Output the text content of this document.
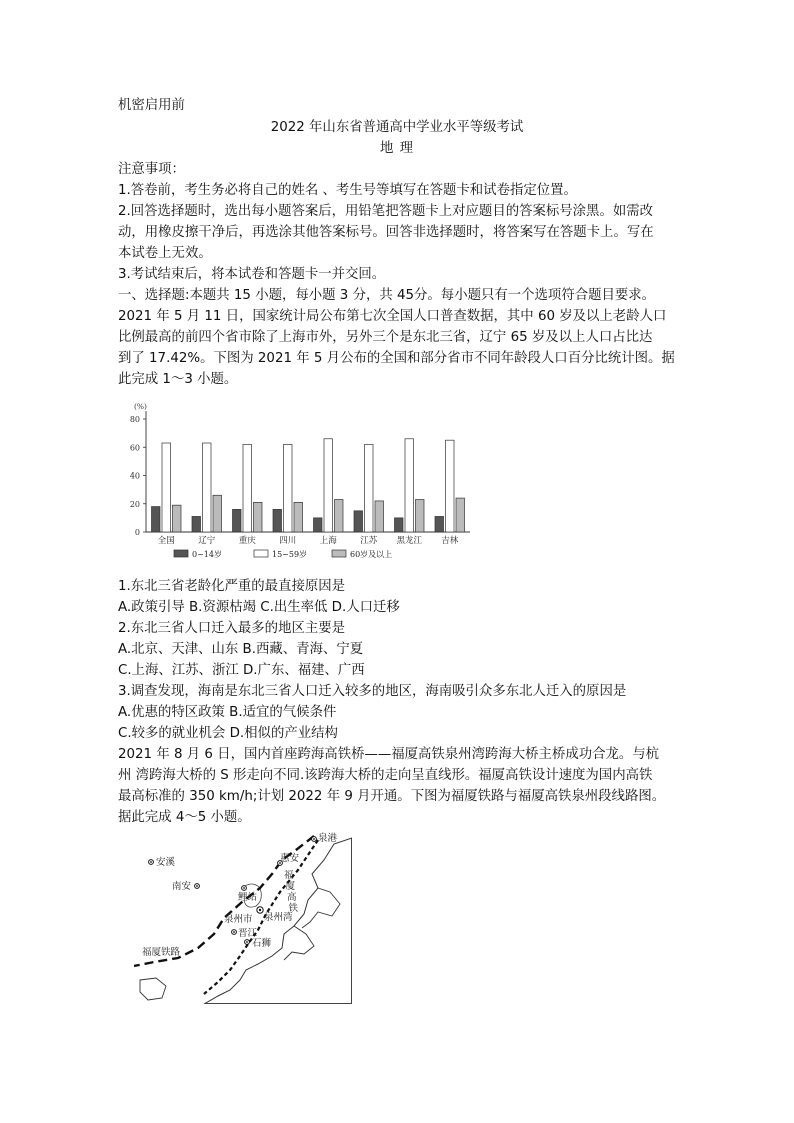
机密启用前
2022 年山东省普通高中学业水平等级考试
地 理
注意事项：
1.答卷前，考生务必将自己的姓名 、考生号等填写在答题卡和试卷指定位置。
2.回答选择题时，选出每小题答案后，用铅笔把答题卡上对应题目的答案标号涂黑。如需改
动，用橡皮擦干净后，再选涂其他答案标号。回答非选择题时，将答案写在答题卡上。写在
本试卷上无效。
3.考试结束后，将本试卷和答题卡一并交回。
一、选择题:本题共 15 小题，每小题 3 分，共 45分。每小题只有一个选项符合题目要求。
2021 年 5 月 11 日，国家统计局公布第七次全国人口普查数据，其中 60 岁及以上老龄人口
比例最高的前四个省市除了上海市外，另外三个是东北三省，辽宁 65 岁及以上人口占比达
到了 17.42%。下图为 2021 年 5 月公布的全国和部分省市不同年龄段人口百分比统计图。据
此完成 1～3 小题。
(%)
0
20
40
60
80
全国	辽宁	重庆	四川	上海	江苏 黑龙江 吉林
0~14岁	15~59岁	60岁及以上
1.东北三省老龄化严重的最直接原因是
A.政策引导 B.资源枯竭 C.出生率低 D.人口迁移
2.东北三省人口迁入最多的地区主要是
A.北京、天津、山东 B.西藏、青海、宁夏
C.上海、江苏、浙江 D.广东、福建、广西
3.调查发现，海南是东北三省人口迁入较多的地区，海南吸引众多东北人迁入的原因是
A.优惠的特区政策 B.适宜的气候条件
C.较多的就业机会 D.相似的产业结构
2021 年 8 月 6 日，国内首座跨海高铁桥——福厦高铁泉州湾跨海大桥主桥成功合龙。与杭
州 湾跨海大桥的 S 形走向不同.该跨海大桥的走向呈直线形。福厦高铁设计速度为国内高铁
最高标准的 350 km/h;计划 2022 年 9 月开通。下图为福厦铁路与福厦高铁泉州段线路图。
据此完成 4～5 小题。
泉港
安溪	惠安
南安
福厦高铁
鲤站
泉州市 泉州湾
晋江
石狮
福厦铁路
